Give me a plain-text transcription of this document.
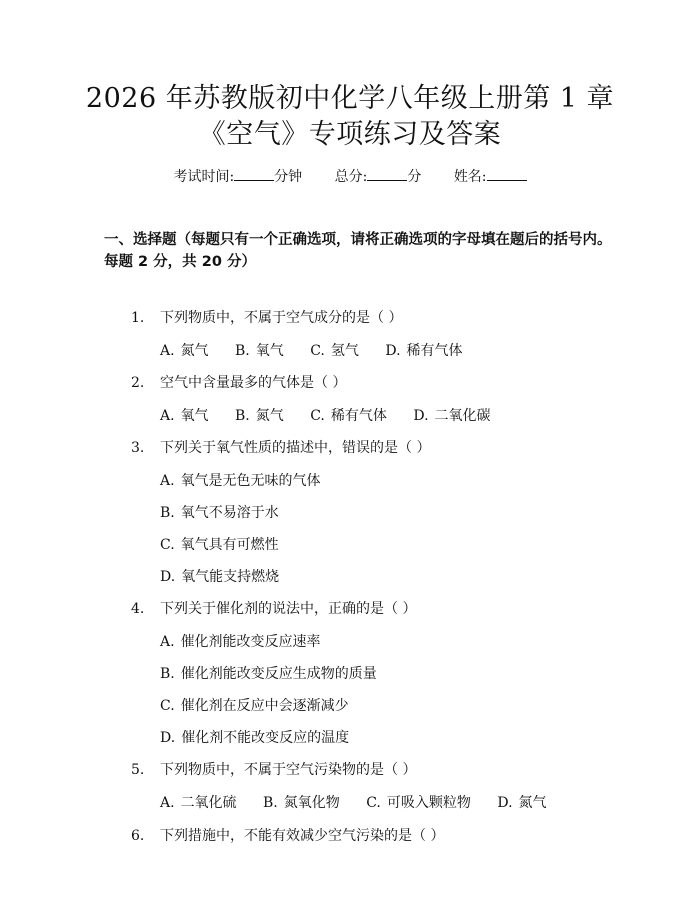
2026 年苏教版初中化学八年级上册第 1 章
《空气》专项练习及答案
考试时间:	分钟 总分:	分 姓名:
一、选择题（每题只有一个正确选项，请将正确选项的字母填在题后的括号内。每题 2 分，共 20 分）
1. 下列物质中，不属于空气成分的是（ ）
A. 氮气 B. 氧气 C. 氢气 D. 稀有气体
2. 空气中含量最多的气体是（ ）
A. 氧气 B. 氮气 C. 稀有气体 D. 二氧化碳
3. 下列关于氧气性质的描述中，错误的是（ ）
A. 氧气是无色无味的气体
B. 氧气不易溶于水
C. 氧气具有可燃性
D. 氧气能支持燃烧
4. 下列关于催化剂的说法中，正确的是（ ）
A. 催化剂能改变反应速率
B. 催化剂能改变反应生成物的质量
C. 催化剂在反应中会逐渐减少
D. 催化剂不能改变反应的温度
5. 下列物质中，不属于空气污染物的是（ ）
A. 二氧化硫 B. 氮氧化物 C. 可吸入颗粒物 D. 氮气
6. 下列措施中，不能有效减少空气污染的是（ ）
